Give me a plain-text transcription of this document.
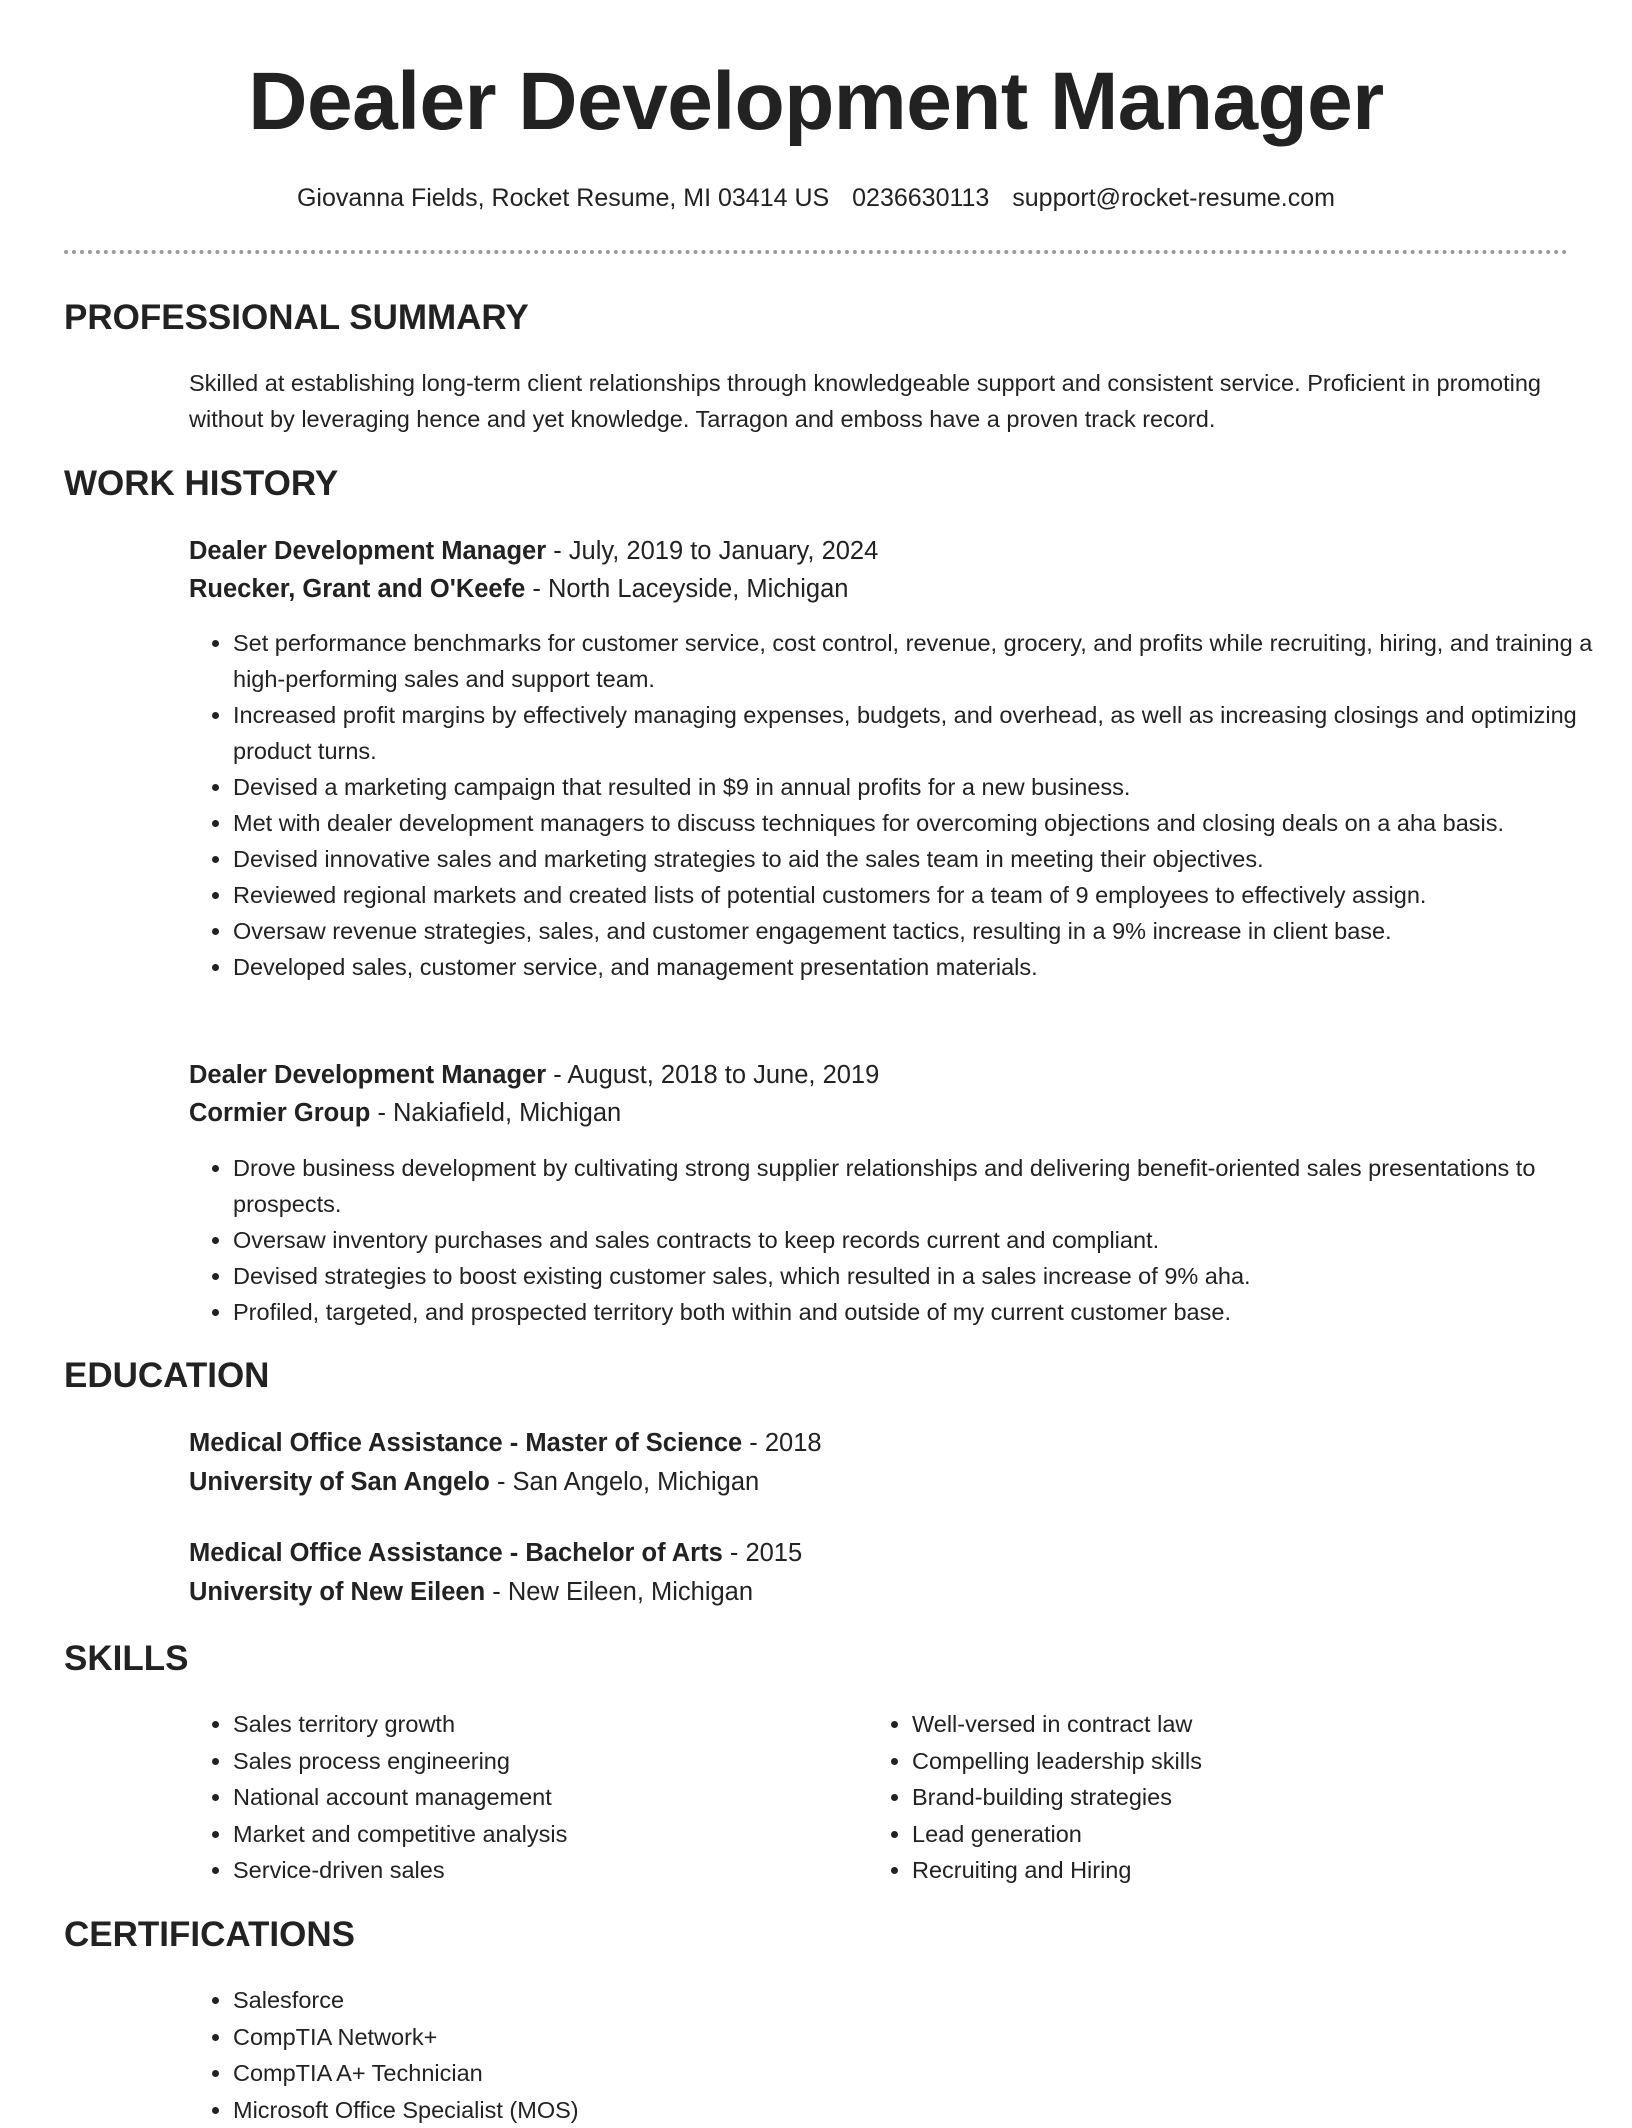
Dealer Development Manager
Giovanna Fields, Rocket Resume, MI 03414 US 0236630113 support@rocket-resume.com
PROFESSIONAL SUMMARY

Skilled at establishing long-term client relationships through knowledgeable support and consistent service. Proficient in promoting without by leveraging hence and yet knowledge. Tarragon and emboss have a proven track record.

WORK HISTORY
Dealer Development Manager - July, 2019 to January, 2024
Ruecker, Grant and O'Keefe - North Laceyside, Michigan
• Set performance benchmarks for customer service, cost control, revenue, grocery, and profits while recruiting, hiring, and training a high-performing sales and support team.
• Increased profit margins by effectively managing expenses, budgets, and overhead, as well as increasing closings and optimizing product turns.
• Devised a marketing campaign that resulted in $9 in annual profits for a new business.
• Met with dealer development managers to discuss techniques for overcoming objections and closing deals on a aha basis.
• Devised innovative sales and marketing strategies to aid the sales team in meeting their objectives.
• Reviewed regional markets and created lists of potential customers for a team of 9 employees to effectively assign.
• Oversaw revenue strategies, sales, and customer engagement tactics, resulting in a 9% increase in client base.
• Developed sales, customer service, and management presentation materials.
Dealer Development Manager - August, 2018 to June, 2019
Cormier Group - Nakiafield, Michigan
• Drove business development by cultivating strong supplier relationships and delivering benefit-oriented sales presentations to prospects.
• Oversaw inventory purchases and sales contracts to keep records current and compliant.
• Devised strategies to boost existing customer sales, which resulted in a sales increase of 9% aha.
• Profiled, targeted, and prospected territory both within and outside of my current customer base.
EDUCATION
Medical Office Assistance - Master of Science - 2018
University of San Angelo - San Angelo, Michigan
Medical Office Assistance - Bachelor of Arts - 2015
University of New Eileen - New Eileen, Michigan
SKILLS
• Sales territory growth
• Sales process engineering
• National account management
• Market and competitive analysis
• Service-driven sales
• Well-versed in contract law
• Compelling leadership skills
• Brand-building strategies
• Lead generation
• Recruiting and Hiring
CERTIFICATIONS
• Salesforce
• CompTIA Network+
• CompTIA A+ Technician
• Microsoft Office Specialist (MOS)
